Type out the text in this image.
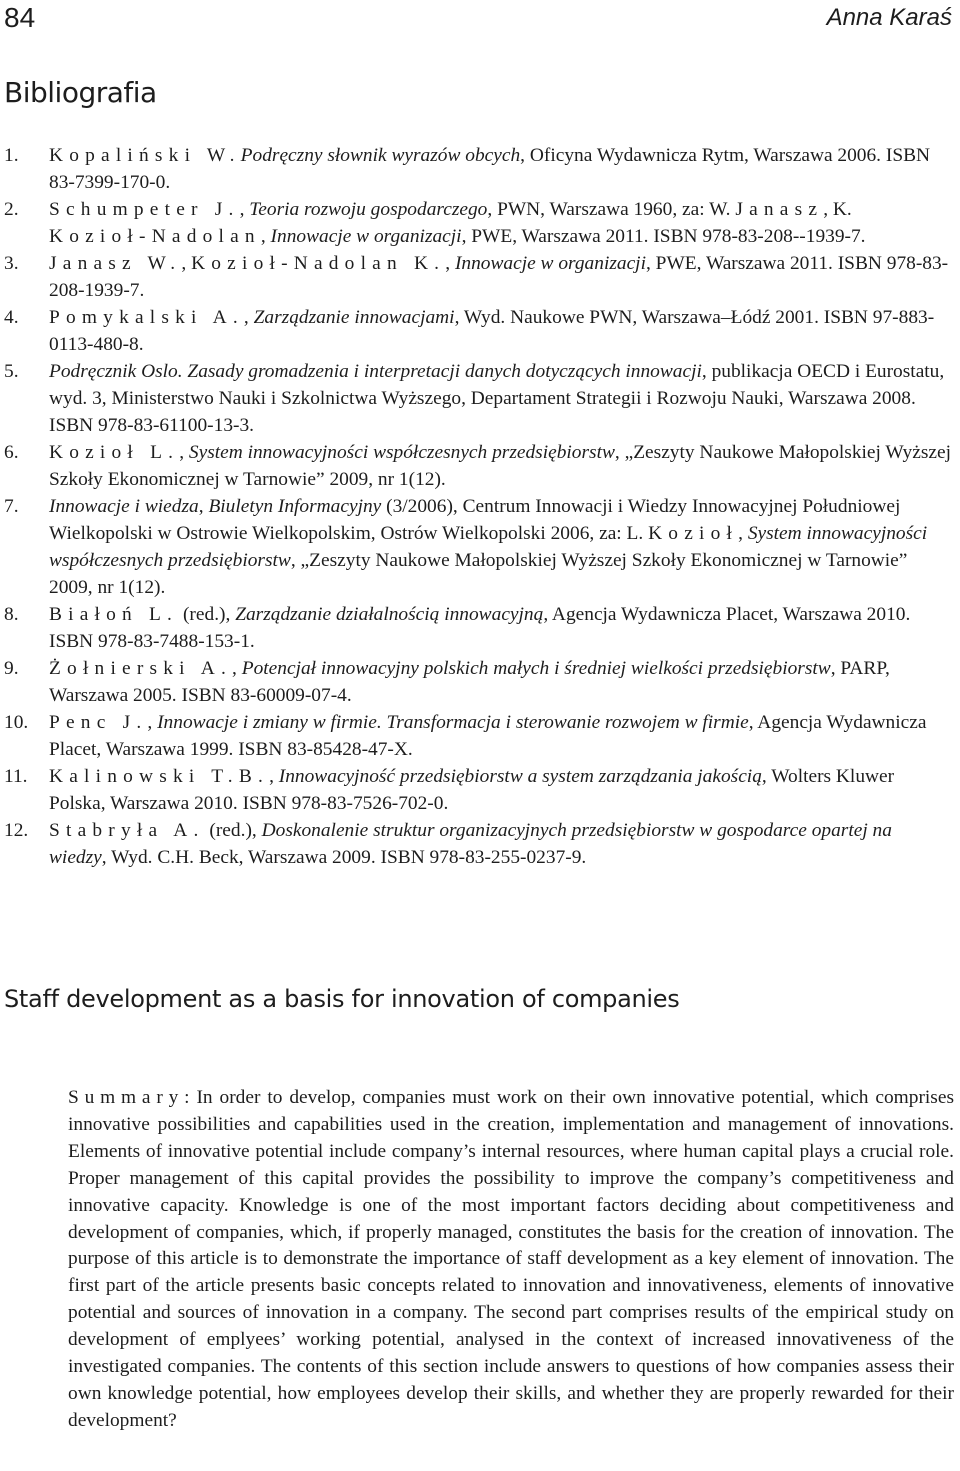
84	Anna Karaś
Bibliografia
1. Kopaliński W.Podręczny słownik wyrazów obcych, Oficyna Wydawnicza Rytm, Warszawa 2006. ISBN 83-7399-170-0.
2. Schumpeter J., Teoria rozwoju gospodarczego, PWN, Warszawa 1960, za: W. Janasz, K. Kozioł-Nadolan, Innowacje w organizacji, PWE, Warszawa 2011. ISBN 978-83-208--1939-7.
3. Janasz W., Kozioł-Nadolan K., Innowacje w organizacji, PWE, Warszawa 2011. ISBN 978-83-208-1939-7.
4. Pomykalski A., Zarządzanie innowacjami, Wyd. Naukowe PWN, Warszawa–Łódź 2001. ISBN 97-883-0113-480-8.
5. Podręcznik Oslo. Zasady gromadzenia i interpretacji danych dotyczących innowacji, publikacja OECD i Eurostatu, wyd. 3, Ministerstwo Nauki i Szkolnictwa Wyższego, Departament Strategii i Rozwoju Nauki, Warszawa 2008. ISBN 978-83-61100-13-3.
6. Kozioł L., System innowacyjności współczesnych przedsiębiorstw, „Zeszyty Naukowe Małopolskiej Wyższej Szkoły Ekonomicznej w Tarnowie” 2009, nr 1(12).
7. Innowacje i wiedza, Biuletyn Informacyjny (3/2006), Centrum Innowacji i Wiedzy Innowacyjnej Południowej Wielkopolski w Ostrowie Wielkopolskim, Ostrów Wielkopolski 2006, za: L. Kozioł, System innowacyjności współczesnych przedsiębiorstw, „Zeszyty Naukowe Małopolskiej Wyższej Szkoły Ekonomicznej w Tarnowie” 2009, nr 1(12).
8. Białoń L. (red.), Zarządzanie działalnością innowacyjną, Agencja Wydawnicza Placet, Warszawa 2010. ISBN 978-83-7488-153-1.
9. Żołnierski A., Potencjał innowacyjny polskich małych i średniej wielkości przedsiębiorstw, PARP, Warszawa 2005. ISBN 83-60009-07-4.
10. Penc J., Innowacje i zmiany w firmie. Transformacja i sterowanie rozwojem w firmie, Agencja Wydawnicza Placet, Warszawa 1999. ISBN 83-85428-47-X.
11. Kalinowski T.B., Innowacyjność przedsiębiorstw a system zarządzania jakością, Wolters Kluwer Polska, Warszawa 2010. ISBN 978-83-7526-702-0.
12. Stabryła A. (red.), Doskonalenie struktur organizacyjnych przedsiębiorstw w gospodarce opartej na wiedzy, Wyd. C.H. Beck, Warszawa 2009. ISBN 978-83-255-0237-9.
Staff development as a basis for innovation of companies

Summary: In order to develop, companies must work on their own innovative potential, which comprises innovative possibilities and capabilities used in the creation, implementation and management of innovations. Elements of innovative potential include company’s internal resources, where human capital plays a crucial role. Proper management of this capital provides the possibility to improve the company’s competitiveness and innovative capacity. Knowledge is one of the most important factors deciding about competitiveness and development of companies, which, if properly managed, constitutes the basis for the creation of innovation. The purpose of this article is to demonstrate the importance of staff development as a key element of innovation. The first part of the article presents basic concepts related to innovation and innovativeness, elements of innovative potential and sources of innovation in a company. The second part comprises results of the empirical study on development of emplyees’ working potential, analysed in the context of increased innovativeness of the investigated companies. The contents of this section include answers to questions of how companies assess their own knowledge potential, how employees develop their skills, and whether they are properly rewarded for their development?
